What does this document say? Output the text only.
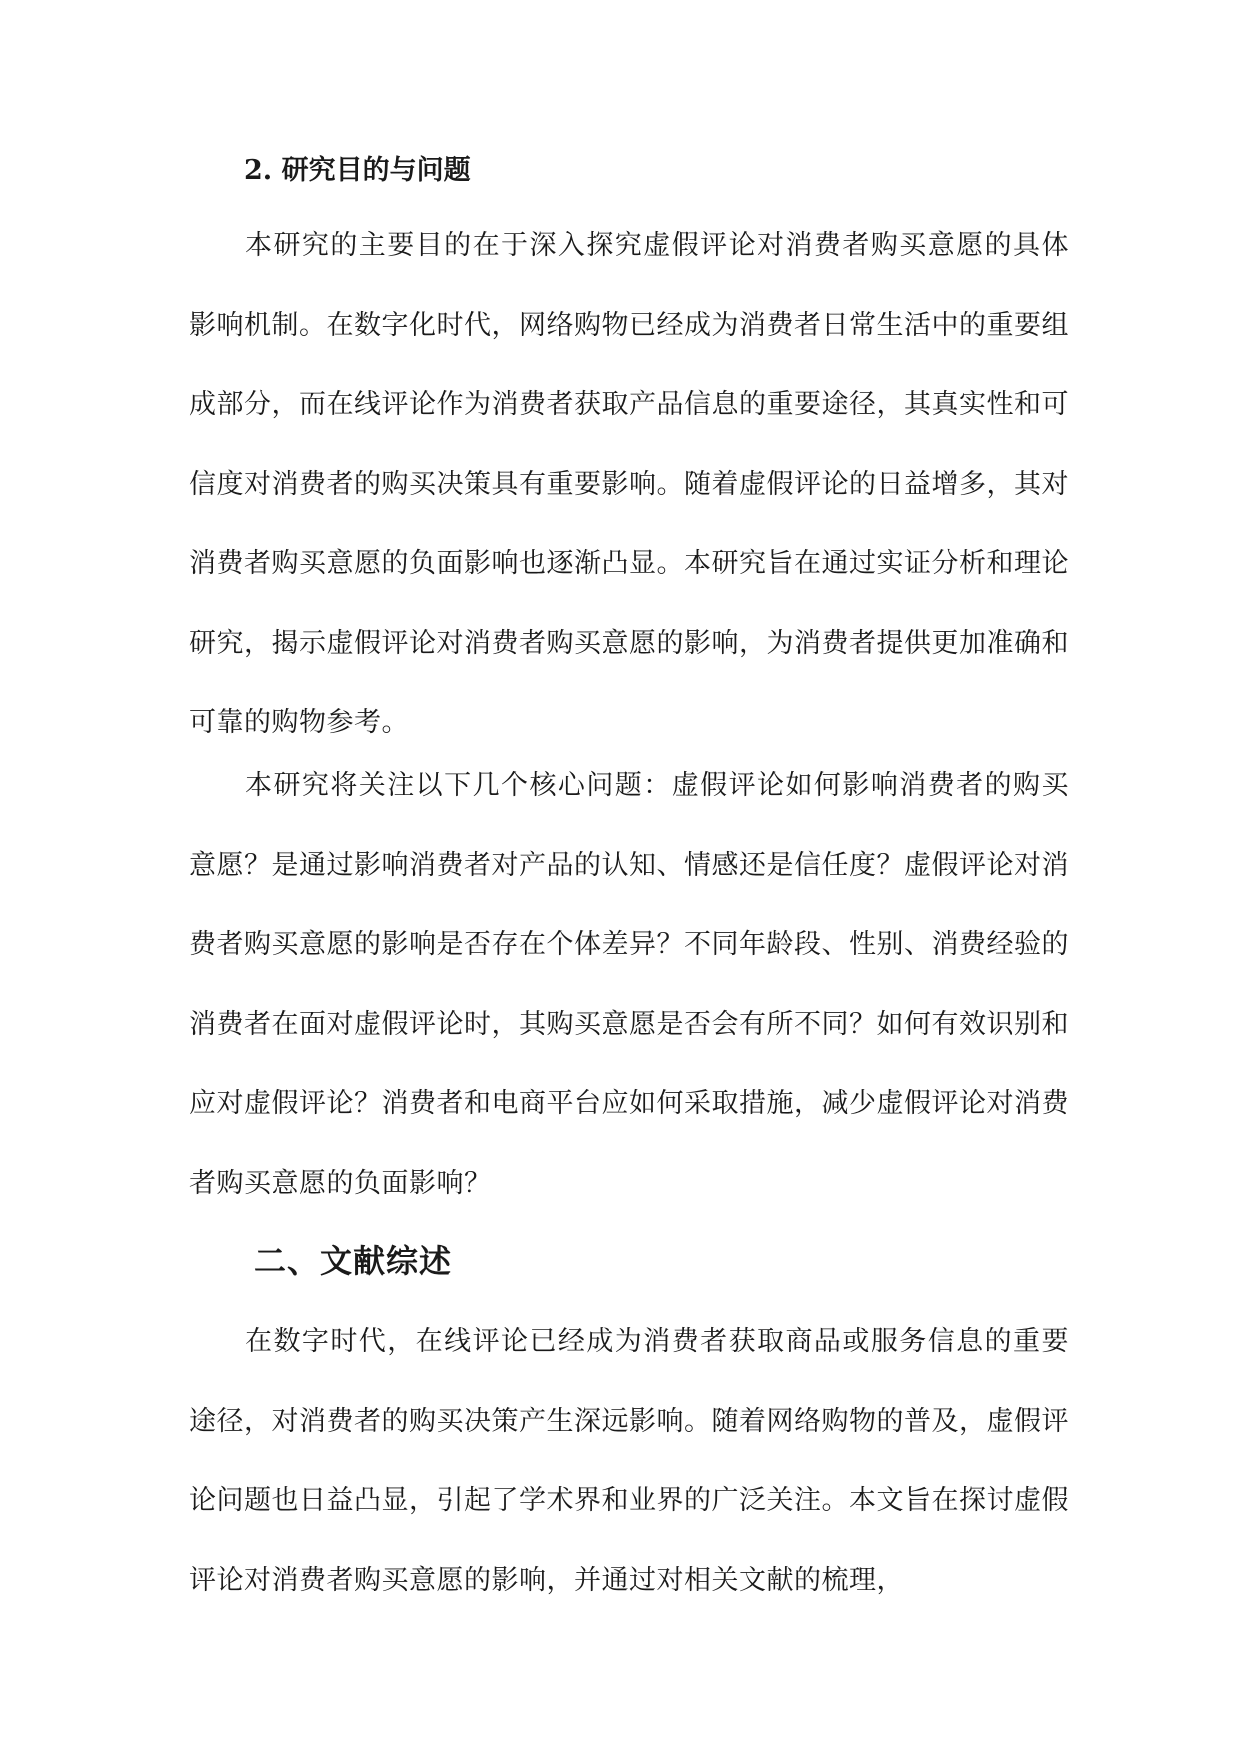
2. 研究目的与问题

本研究的主要目的在于深入探究虚假评论对消费者购买意愿的具体影响机制。在数字化时代，网络购物已经成为消费者日常生活中的重要组成部分，而在线评论作为消费者获取产品信息的重要途径，其真实性和可信度对消费者的购买决策具有重要影响。随着虚假评论的日益增多，其对消费者购买意愿的负面影响也逐渐凸显。本研究旨在通过实证分析和理论研究，揭示虚假评论对消费者购买意愿的影响，为消费者提供更加准确和可靠的购物参考。

本研究将关注以下几个核心问题：虚假评论如何影响消费者的购买意愿？是通过影响消费者对产品的认知、情感还是信任度？虚假评论对消费者购买意愿的影响是否存在个体差异？不同年龄段、性别、消费经验的消费者在面对虚假评论时，其购买意愿是否会有所不同？如何有效识别和应对虚假评论？消费者和电商平台应如何采取措施，减少虚假评论对消费者购买意愿的负面影响？

二、文献综述

在数字时代，在线评论已经成为消费者获取商品或服务信息的重要途径，对消费者的购买决策产生深远影响。随着网络购物的普及，虚假评论问题也日益凸显，引起了学术界和业界的广泛关注。本文旨在探讨虚假评论对消费者购买意愿的影响，并通过对相关文献的梳理，
